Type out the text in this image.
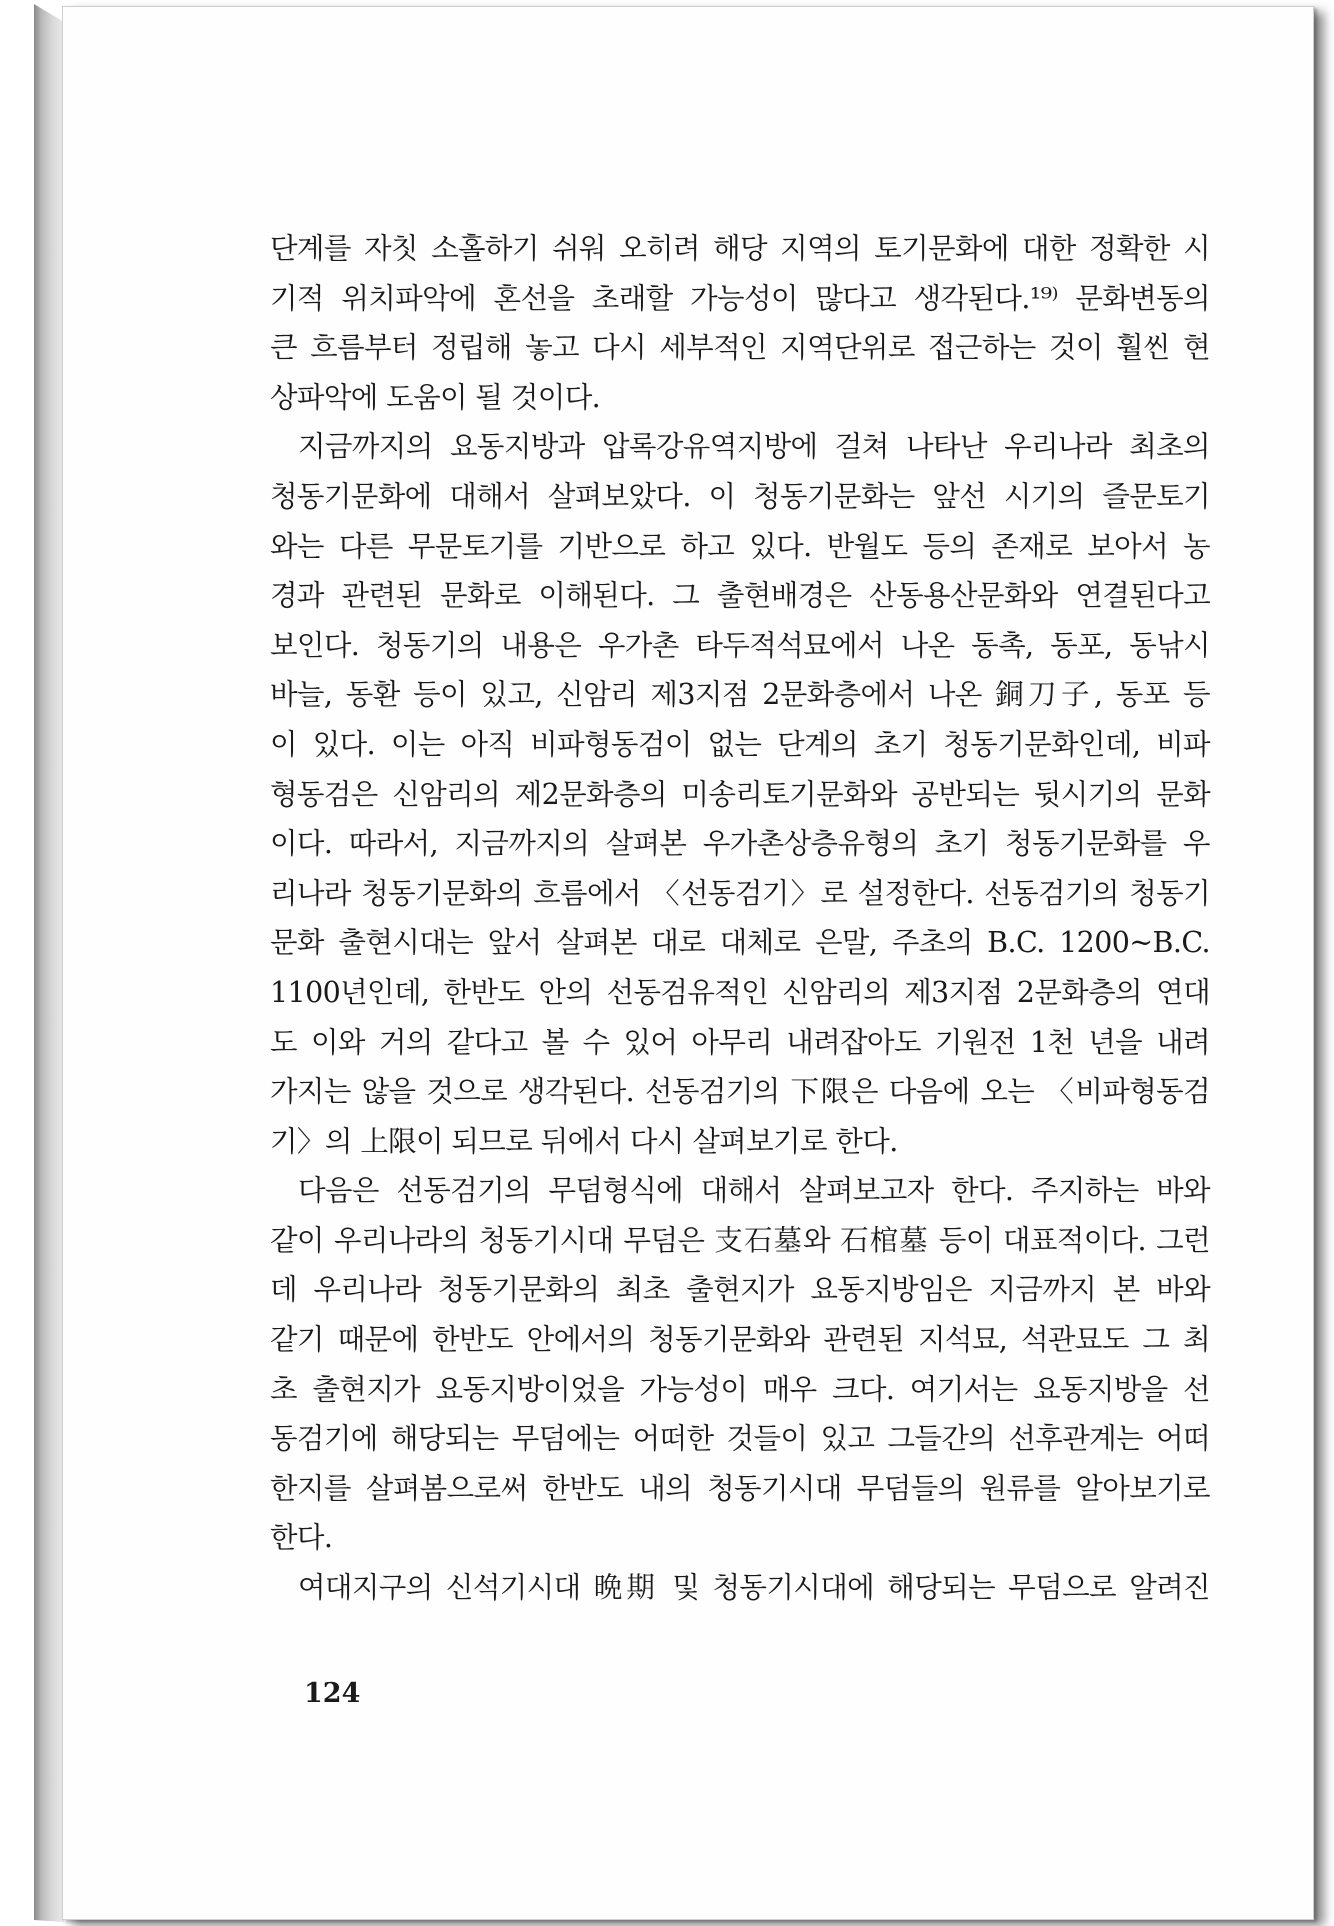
단계를 자칫 소홀하기 쉬워 오히려 해당 지역의 토기문화에 대한 정확한 시
기적 위치파악에 혼선을 초래할 가능성이 많다고 생각된다.¹⁹⁾ 문화변동의
큰 흐름부터 정립해 놓고 다시 세부적인 지역단위로 접근하는 것이 훨씬 현
상파악에 도움이 될 것이다.
지금까지의 요동지방과 압록강유역지방에 걸쳐 나타난 우리나라 최초의
청동기문화에 대해서 살펴보았다. 이 청동기문화는 앞선 시기의 즐문토기
와는 다른 무문토기를 기반으로 하고 있다. 반월도 등의 존재로 보아서 농
경과 관련된 문화로 이해된다. 그 출현배경은 산동용산문화와 연결된다고
보인다. 청동기의 내용은 우가촌 타두적석묘에서 나온 동촉, 동포, 동낚시
바늘, 동환 등이 있고, 신암리 제3지점 2문화층에서 나온 銅刀子, 동포 등
이 있다. 이는 아직 비파형동검이 없는 단계의 초기 청동기문화인데, 비파
형동검은 신암리의 제2문화층의 미송리토기문화와 공반되는 뒷시기의 문화
이다. 따라서, 지금까지의 살펴본 우가촌상층유형의 초기 청동기문화를 우
리나라 청동기문화의 흐름에서 〈선동검기〉로 설정한다. 선동검기의 청동기
문화 출현시대는 앞서 살펴본 대로 대체로 은말, 주초의 B.C. 1200~B.C.
1100년인데, 한반도 안의 선동검유적인 신암리의 제3지점 2문화층의 연대
도 이와 거의 같다고 볼 수 있어 아무리 내려잡아도 기원전 1천 년을 내려
가지는 않을 것으로 생각된다. 선동검기의 下限은 다음에 오는 〈비파형동검
기〉의 上限이 되므로 뒤에서 다시 살펴보기로 한다.
다음은 선동검기의 무덤형식에 대해서 살펴보고자 한다. 주지하는 바와
같이 우리나라의 청동기시대 무덤은 支石墓와 石棺墓 등이 대표적이다. 그런
데 우리나라 청동기문화의 최초 출현지가 요동지방임은 지금까지 본 바와
같기 때문에 한반도 안에서의 청동기문화와 관련된 지석묘, 석관묘도 그 최
초 출현지가 요동지방이었을 가능성이 매우 크다. 여기서는 요동지방을 선
동검기에 해당되는 무덤에는 어떠한 것들이 있고 그들간의 선후관계는 어떠
한지를 살펴봄으로써 한반도 내의 청동기시대 무덤들의 원류를 알아보기로
한다.
여대지구의 신석기시대 晩期 및 청동기시대에 해당되는 무덤으로 알려진
124
